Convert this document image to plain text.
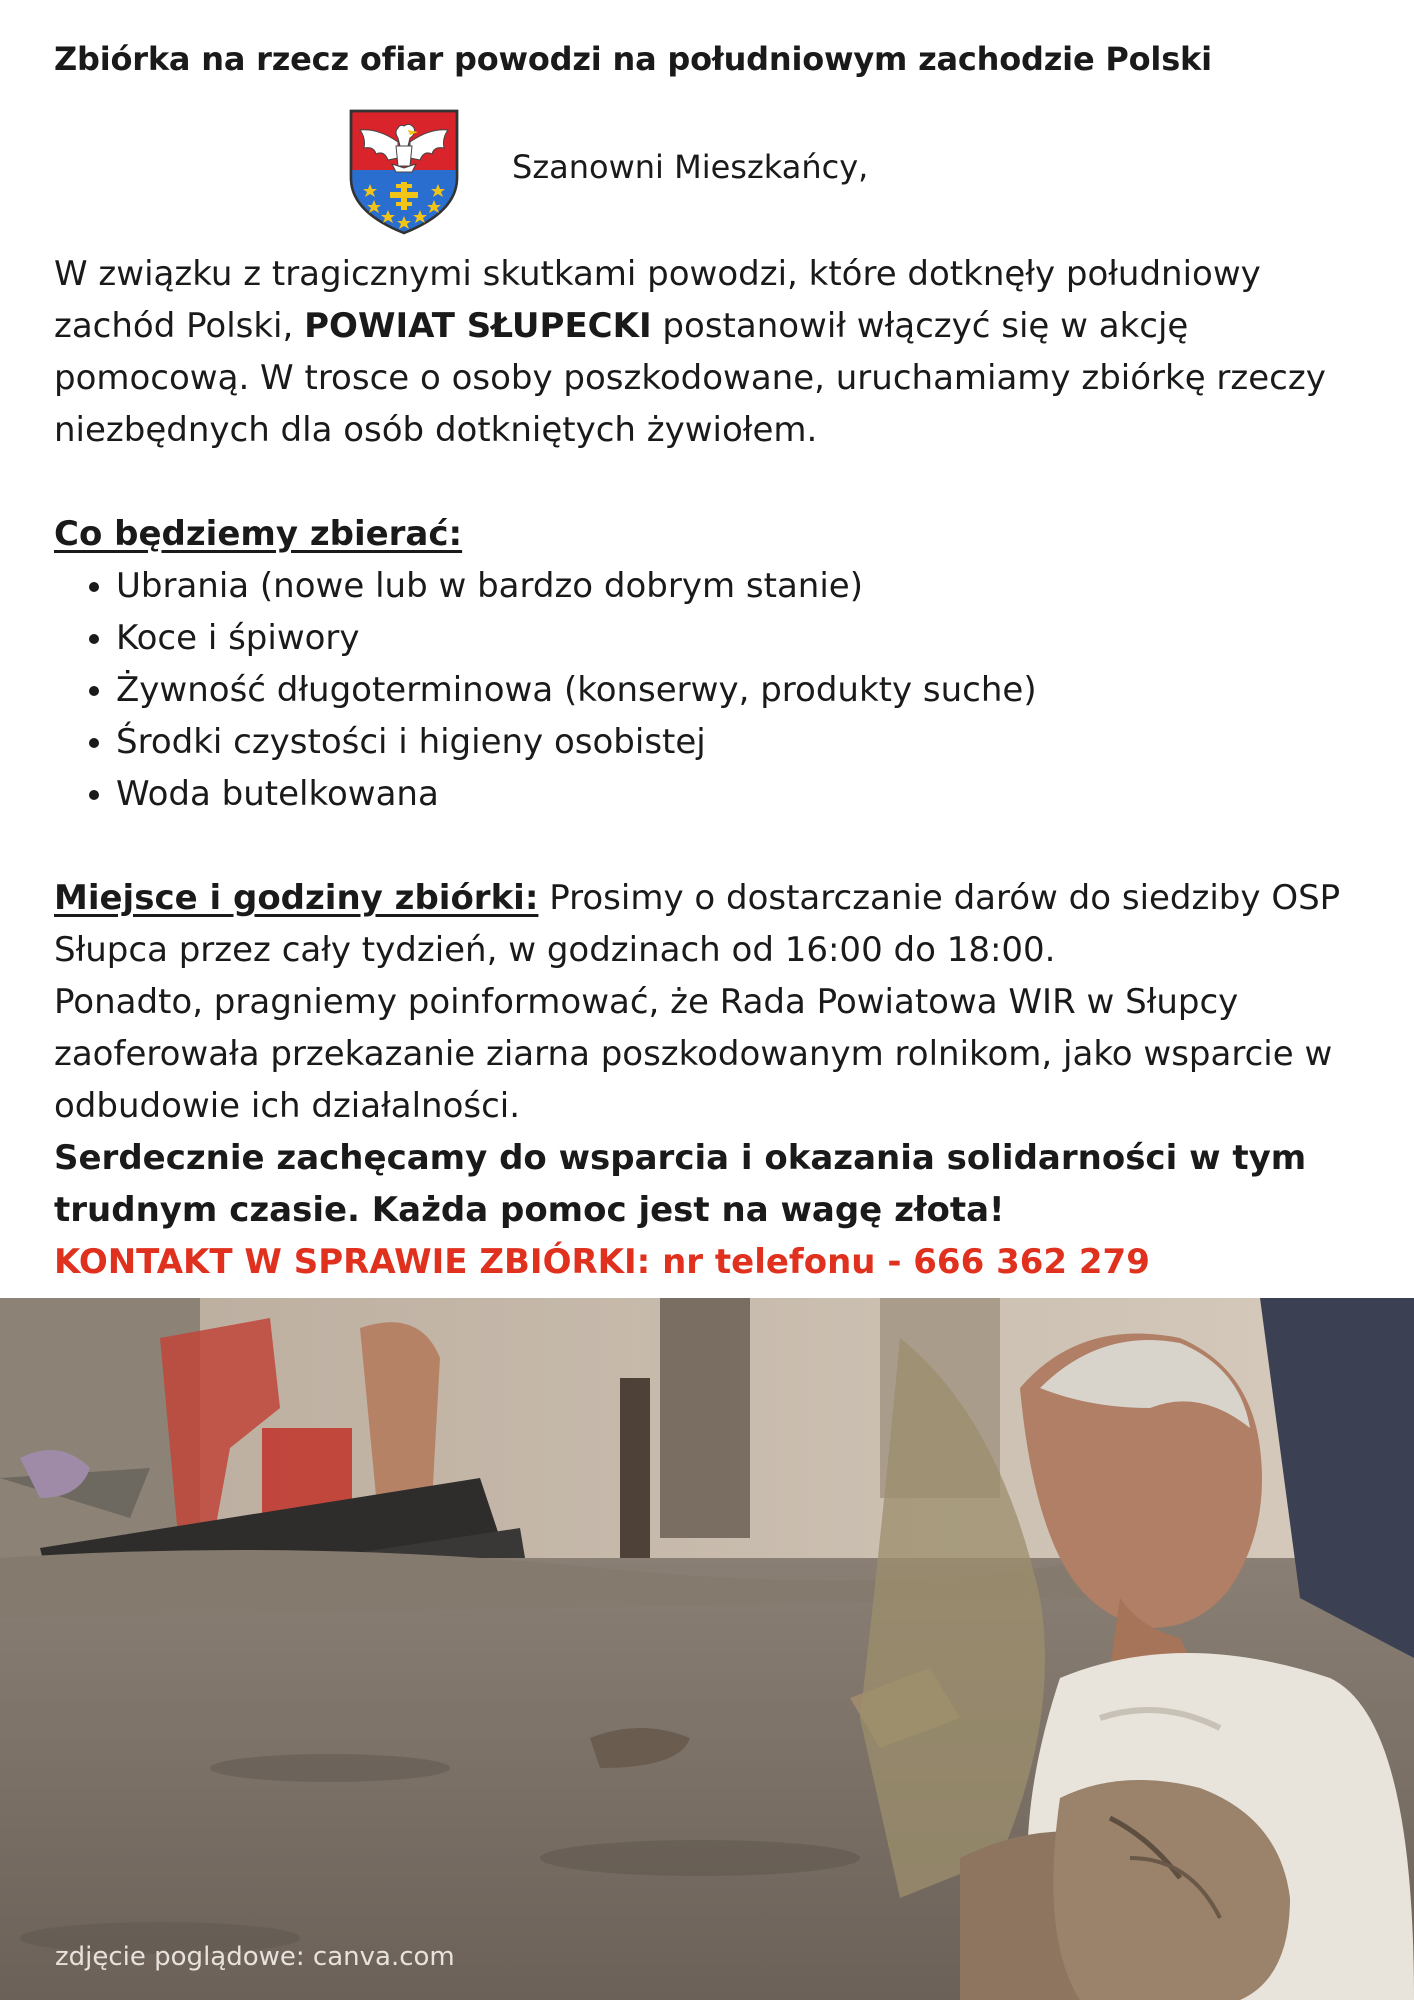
Zbiórka na rzecz ofiar powodzi na południowym zachodzie Polski
Szanowni Mieszkańcy,

W związku z tragicznymi skutkami powodzi, które dotknęły południowy zachód Polski, POWIAT SŁUPECKI postanowił włączyć się w akcję pomocową. W trosce o osoby poszkodowane, uruchamiamy zbiórkę rzeczy niezbędnych dla osób dotkniętych żywiołem.

Co będziemy zbierać:

• Ubrania (nowe lub w bardzo dobrym stanie)
• Koce i śpiwory
• Żywność długoterminowa (konserwy, produkty suche)
• Środki czystości i higieny osobistej
• Woda butelkowana

Miejsce i godziny zbiórki: Prosimy o dostarczanie darów do siedziby OSP Słupca przez cały tydzień, w godzinach od 16:00 do 18:00.

Ponadto, pragniemy poinformować, że Rada Powiatowa WIR w Słupcy zaoferowała przekazanie ziarna poszkodowanym rolnikom, jako wsparcie w odbudowie ich działalności.

Serdecznie zachęcamy do wsparcia i okazania solidarności w tym trudnym czasie. Każda pomoc jest na wagę złota!

KONTAKT W SPRAWIE ZBIÓRKI: nr telefonu - 666 362 279

zdjęcie poglądowe: canva.com
